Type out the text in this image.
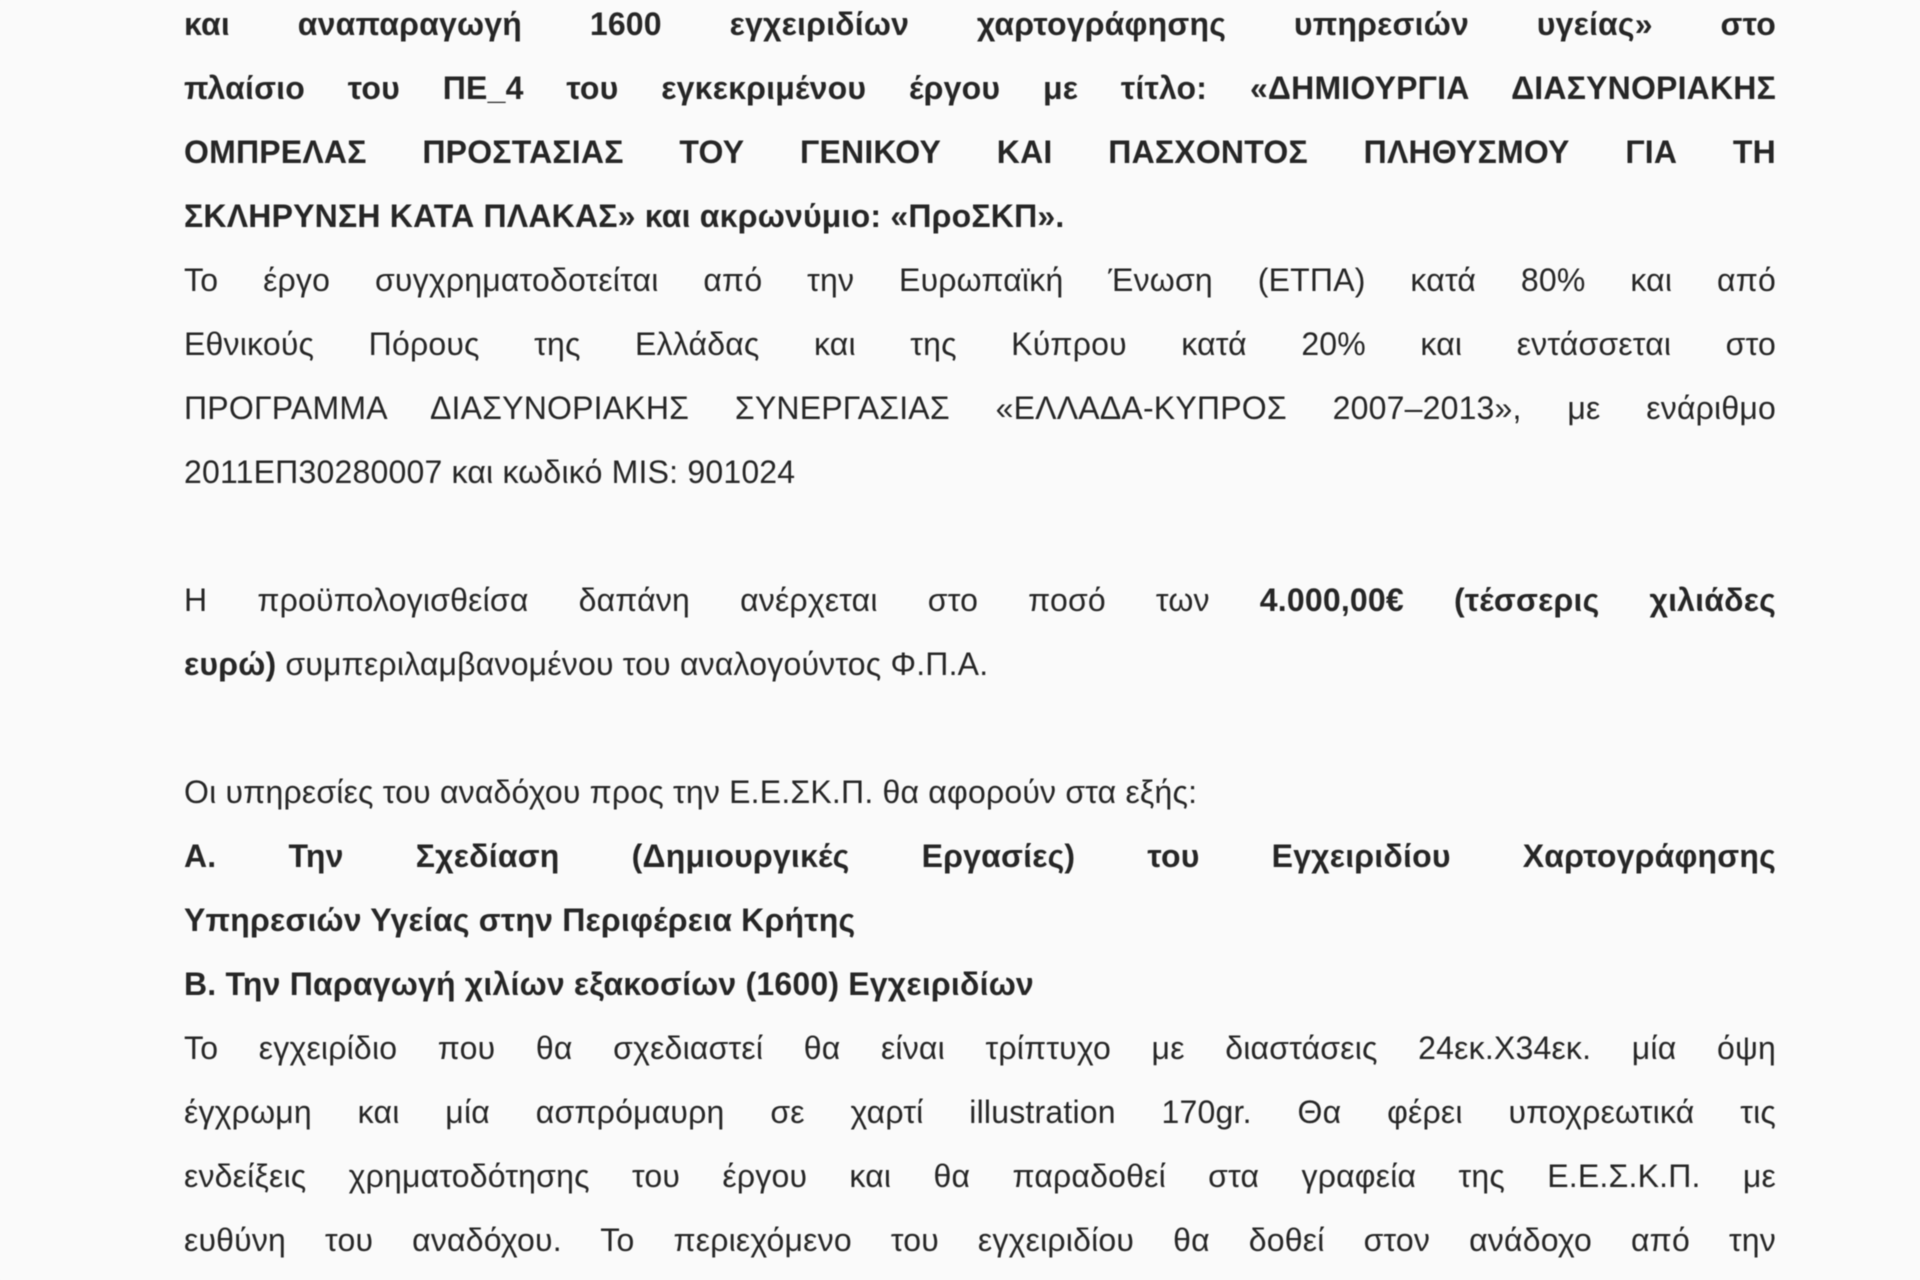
και αναπαραγωγή 1600 εγχειριδίων χαρτογράφησης υπηρεσιών υγείας» στο
πλαίσιο του ΠΕ_4 του εγκεκριμένου έργου με τίτλο: «ΔΗΜΙΟΥΡΓΙΑ ΔΙΑΣΥΝΟΡΙΑΚΗΣ
ΟΜΠΡΕΛΑΣ ΠΡΟΣΤΑΣΙΑΣ ΤΟΥ ΓΕΝΙΚΟΥ ΚΑΙ ΠΑΣΧΟΝΤΟΣ ΠΛΗΘΥΣΜΟΥ ΓΙΑ ΤΗ
ΣΚΛΗΡΥΝΣΗ ΚΑΤΑ ΠΛΑΚΑΣ» και ακρωνύμιο: «ΠροΣΚΠ».
Το έργο συγχρηματοδοτείται από την Ευρωπαϊκή Ένωση (ΕΤΠΑ) κατά 80% και από
Εθνικούς Πόρους της Ελλάδας και της Κύπρου κατά 20% και εντάσσεται στο
ΠΡΟΓΡΑΜΜΑ ΔΙΑΣΥΝΟΡΙΑΚΗΣ ΣΥΝΕΡΓΑΣΙΑΣ «ΕΛΛΑΔΑ-ΚΥΠΡΟΣ 2007–2013», με ενάριθμο
2011ΕΠ30280007 και κωδικό MIS: 901024
Η προϋπολογισθείσα δαπάνη ανέρχεται στο ποσό των 4.000,00€ (τέσσερις χιλιάδες
ευρώ) συμπεριλαμβανομένου του αναλογούντος Φ.Π.Α.
Οι υπηρεσίες του αναδόχου προς την Ε.Ε.ΣΚ.Π. θα αφορούν στα εξής:
Α. Την Σχεδίαση (Δημιουργικές Εργασίες) του Εγχειριδίου Χαρτογράφησης
Υπηρεσιών Υγείας στην Περιφέρεια Κρήτης
Β. Την Παραγωγή χιλίων εξακοσίων (1600) Εγχειριδίων
Το εγχειρίδιο που θα σχεδιαστεί θα είναι τρίπτυχο με διαστάσεις 24εκ.Χ34εκ. μία όψη
έγχρωμη και μία ασπρόμαυρη σε χαρτί illustration 170gr. Θα φέρει υποχρεωτικά τις
ενδείξεις χρηματοδότησης του έργου και θα παραδοθεί στα γραφεία της Ε.Ε.Σ.Κ.Π. με
ευθύνη του αναδόχου. Το περιεχόμενο του εγχειριδίου θα δοθεί στον ανάδοχο από την
